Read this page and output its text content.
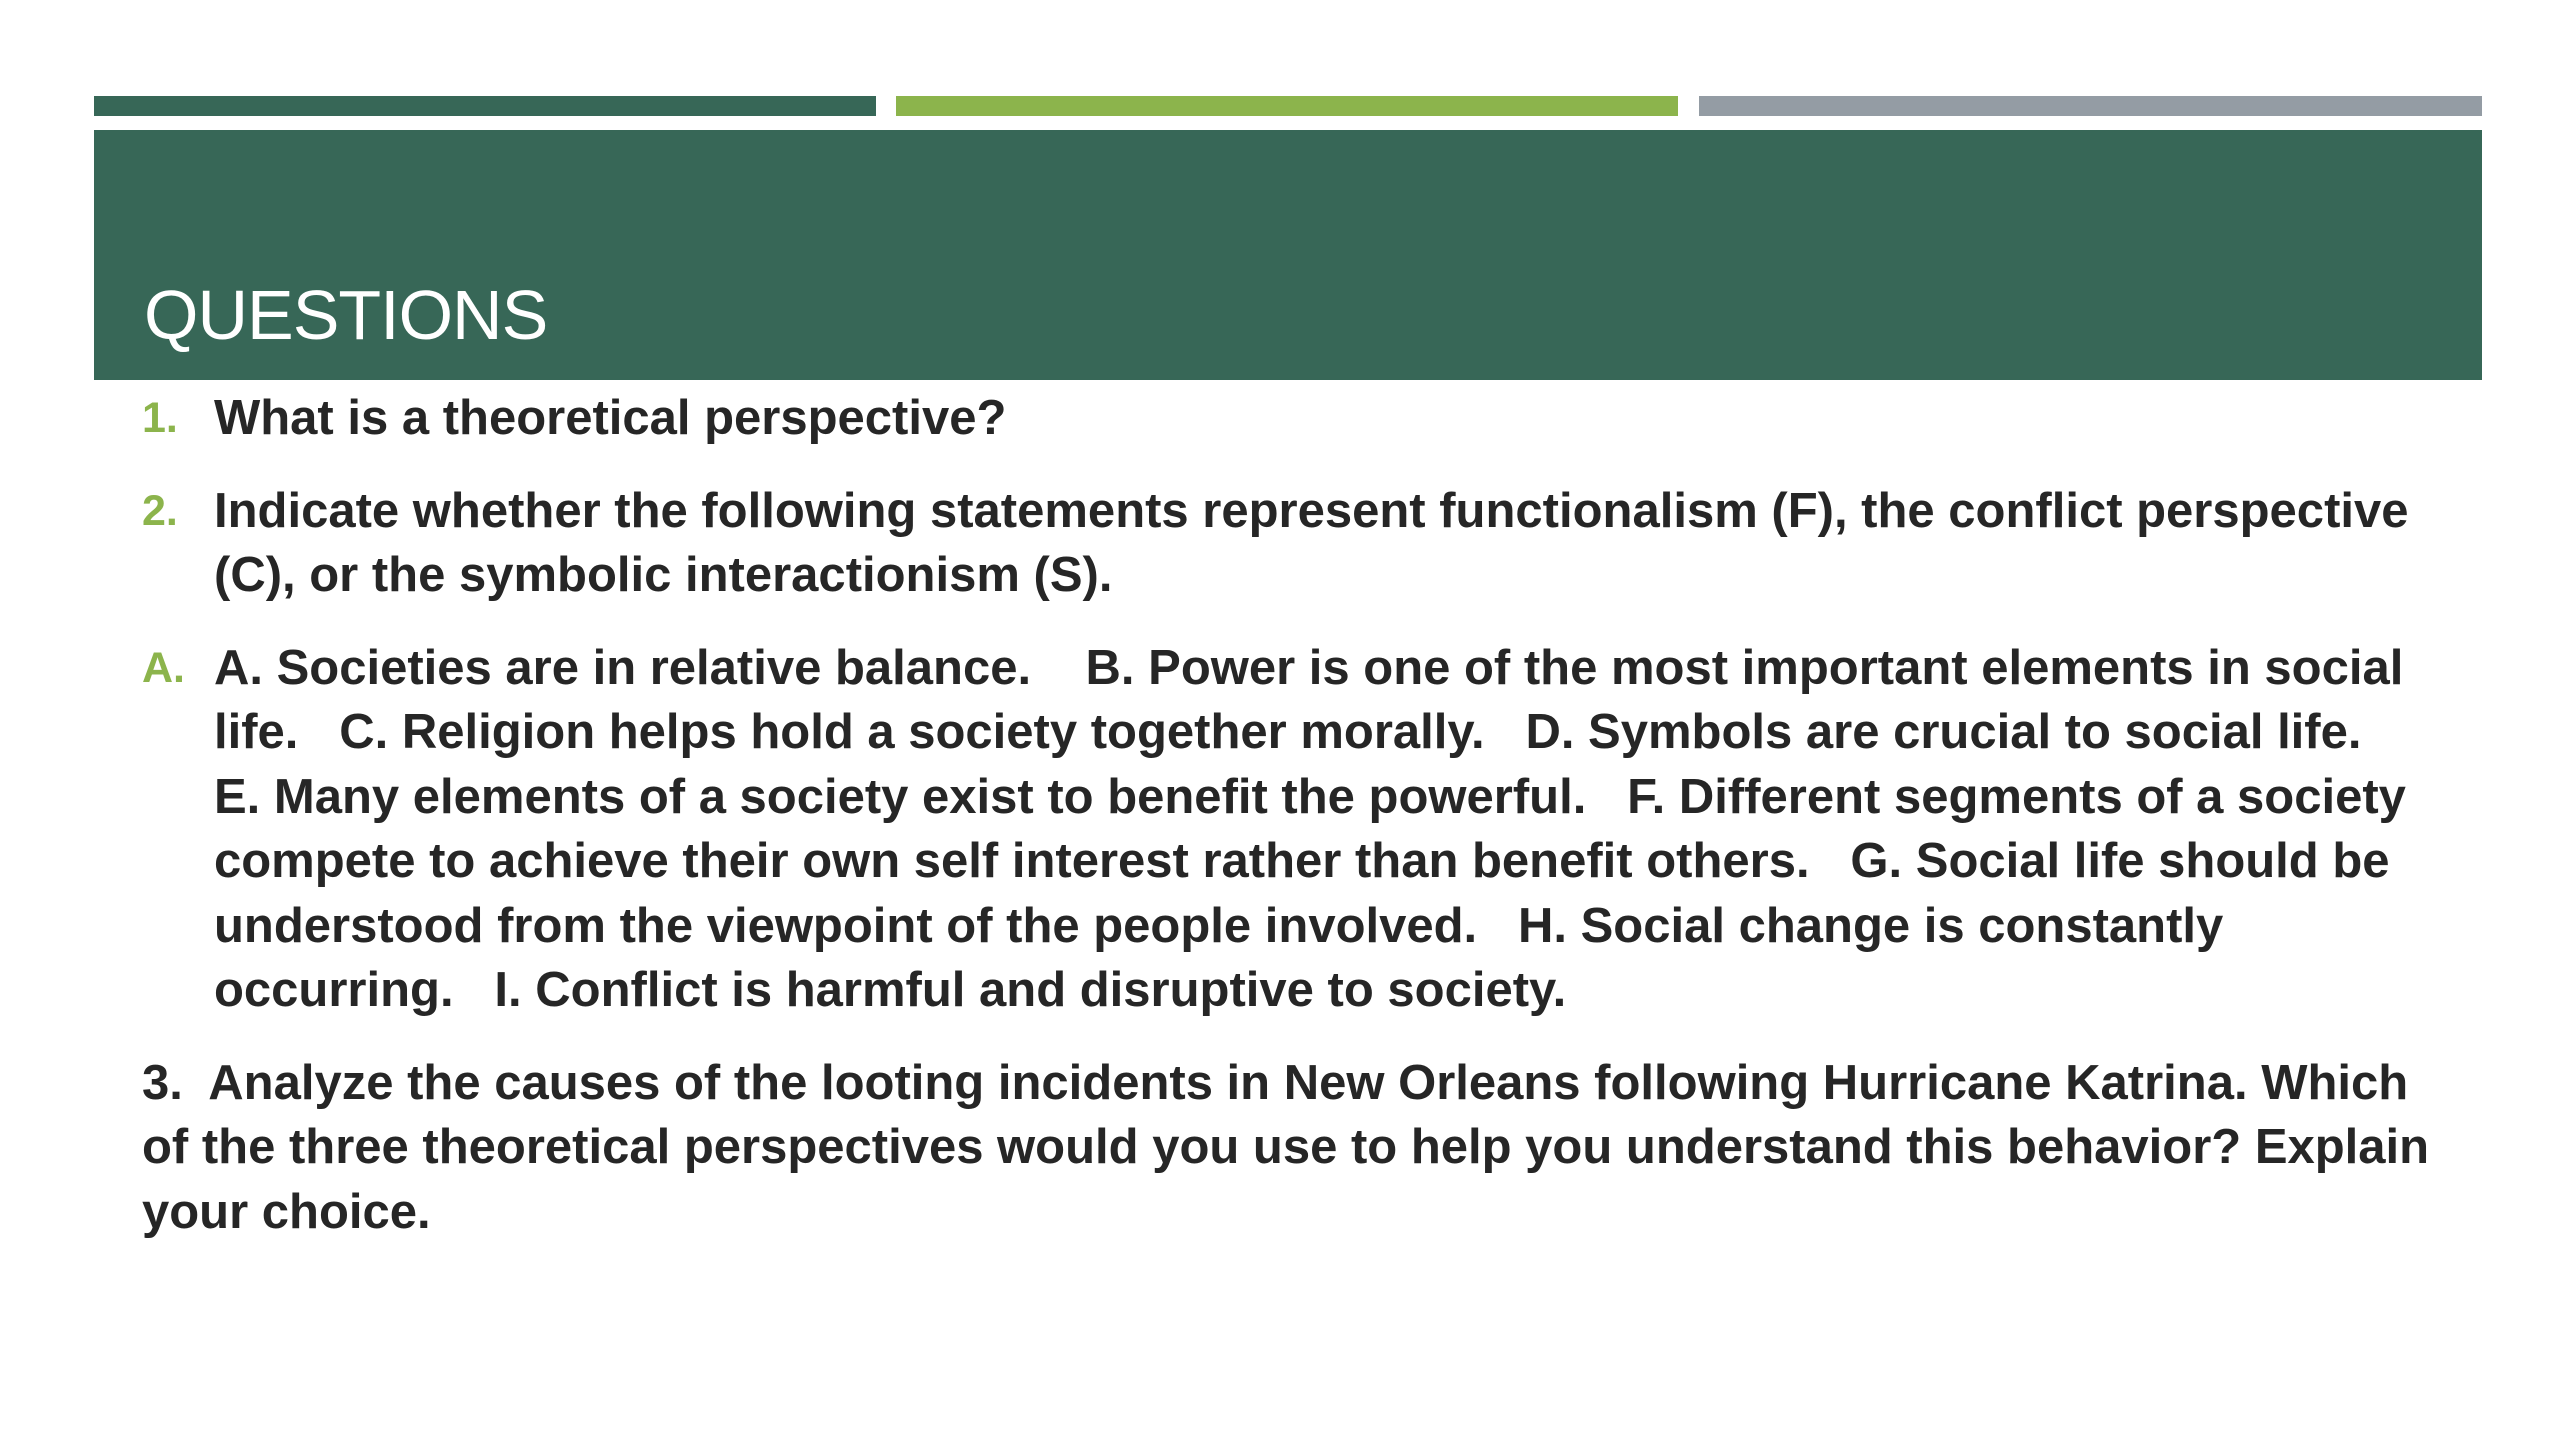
QUESTIONS
1. What is a theoretical perspective?
2. Indicate whether the following statements represent functionalism (F), the conflict perspective (C), or the symbolic interactionism (S).
A. A. Societies are in relative balance.    B. Power is one of the most important elements in social life.   C. Religion helps hold a society together morally.   D. Symbols are crucial to social life.   E. Many elements of a society exist to benefit the powerful.   F. Different segments of a society compete to achieve their own self interest rather than benefit others.   G. Social life should be understood from the viewpoint of the people involved.   H. Social change is constantly occurring.   I. Conflict is harmful and disruptive to society.
3.  Analyze the causes of the looting incidents in New Orleans following Hurricane Katrina. Which of the three theoretical perspectives would you use to help you understand this behavior? Explain your choice.
